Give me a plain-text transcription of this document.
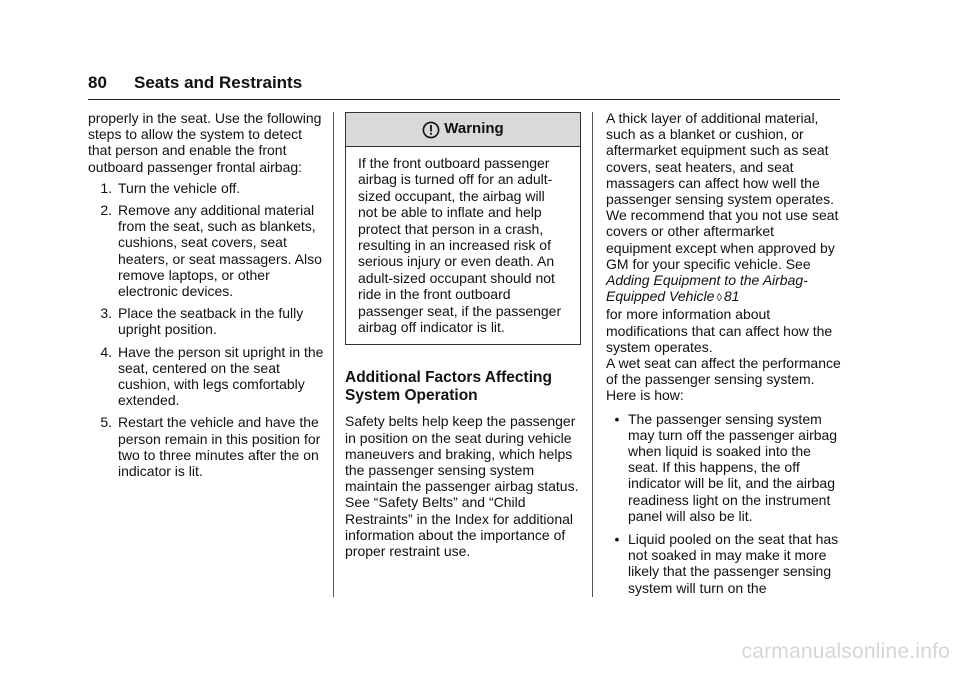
80 Seats and Restraints

properly in the seat. Use the following steps to allow the system to detect that person and enable the front outboard passenger frontal airbag:

1. Turn the vehicle off.
2. Remove any additional material from the seat, such as blankets, cushions, seat covers, seat heaters, or seat massagers. Also remove laptops, or other electronic devices.
3. Place the seatback in the fully upright position.
4. Have the person sit upright in the seat, centered on the seat cushion, with legs comfortably extended.
5. Restart the vehicle and have the person remain in this position for two to three minutes after the on indicator is lit.
Warning
If the front outboard passenger airbag is turned off for an adult-sized occupant, the airbag will not be able to inflate and help protect that person in a crash, resulting in an increased risk of serious injury or even death. An adult-sized occupant should not ride in the front outboard passenger seat, if the passenger airbag off indicator is lit.
Additional Factors Affecting System Operation

Safety belts help keep the passenger in position on the seat during vehicle maneuvers and braking, which helps the passenger sensing system maintain the passenger airbag status. See “Safety Belts” and “Child Restraints” in the Index for additional information about the importance of proper restraint use.

A thick layer of additional material, such as a blanket or cushion, or aftermarket equipment such as seat covers, seat heaters, and seat massagers can affect how well the passenger sensing system operates. We recommend that you not use seat covers or other aftermarket equipment except when approved by GM for your specific vehicle. See Adding Equipment to the Airbag-Equipped Vehicle ◊ 81
for more information about modifications that can affect how the system operates.

A wet seat can affect the performance of the passenger sensing system. Here is how:

• The passenger sensing system may turn off the passenger airbag when liquid is soaked into the seat. If this happens, the off indicator will be lit, and the airbag readiness light on the instrument panel will also be lit.
• Liquid pooled on the seat that has not soaked in may make it more likely that the passenger sensing system will turn on the
carmanualsonline.info
